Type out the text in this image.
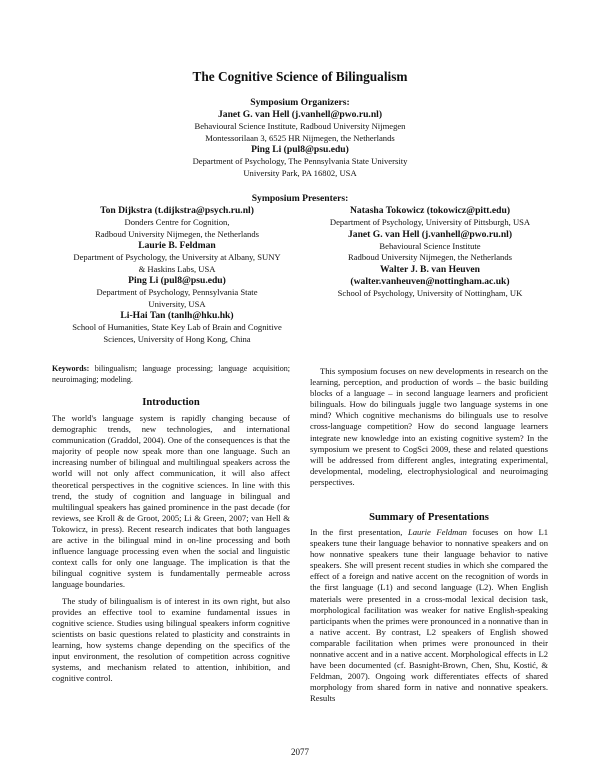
The Cognitive Science of Bilingualism
Symposium Organizers:
Janet G. van Hell (j.vanhell@pwo.ru.nl)
Behavioural Science Institute, Radboud University Nijmegen
Montessorilaan 3, 6525 HR Nijmegen, the Netherlands
Ping Li (pul8@psu.edu)
Department of Psychology, The Pennsylvania State University
University Park, PA 16802, USA
Symposium Presenters:
Ton Dijkstra (t.dijkstra@psych.ru.nl)
Donders Centre for Cognition,
Radboud University Nijmegen, the Netherlands
Laurie B. Feldman
Department of Psychology, the University at Albany, SUNY
& Haskins Labs, USA
Ping Li (pul8@psu.edu)
Department of Psychology, Pennsylvania State
University, USA
Li-Hai Tan (tanlh@hku.hk)
School of Humanities, State Key Lab of Brain and Cognitive
Sciences, University of Hong Kong, China
Natasha Tokowicz (tokowicz@pitt.edu)
Department of Psychology, University of Pittsburgh, USA
Janet G. van Hell (j.vanhell@pwo.ru.nl)
Behavioural Science Institute
Radboud University Nijmegen, the Netherlands
Walter J. B. van Heuven
(walter.vanheuven@nottingham.ac.uk)
School of Psychology, University of Nottingham, UK
Keywords: bilingualism; language processing; language acquisition; neuroimaging; modeling.
Introduction

The world's language system is rapidly changing because of demographic trends, new technologies, and international communication (Graddol, 2004). One of the consequences is that the majority of people now speak more than one language. Such an increasing number of bilingual and multilingual speakers across the world will not only affect communication, it will also affect theoretical perspectives in the cognitive sciences. In line with this trend, the study of cognition and language in bilingual and multilingual speakers has gained prominence in the past decade (for reviews, see Kroll & de Groot, 2005; Li & Green, 2007; van Hell & Tokowicz, in press). Recent research indicates that both languages are active in the bilingual mind in on-line processing and both influence language processing even when the social and linguistic context calls for only one language. The implication is that the bilingual cognitive system is fundamentally permeable across language boundaries.

The study of bilingualism is of interest in its own right, but also provides an effective tool to examine fundamental issues in cognitive science. Studies using bilingual speakers inform cognitive scientists on basic questions related to plasticity and constraints in learning, how systems change depending on the specifics of the input environment, the resolution of competition across cognitive systems, and mechanism related to attention, inhibition, and cognitive control.

This symposium focuses on new developments in research on the learning, perception, and production of words – the basic building blocks of a language – in second language learners and proficient bilinguals. How do bilinguals juggle two language systems in one mind? Which cognitive mechanisms do bilinguals use to resolve cross-language competition? How do second language learners integrate new knowledge into an existing cognitive system? In the symposium we present to CogSci 2009, these and related questions will be addressed from different angles, integrating experimental, developmental, modeling, electrophysiological and neuroimaging perspectives.

Summary of Presentations

In the first presentation, Laurie Feldman focuses on how L1 speakers tune their language behavior to nonnative speakers and on how nonnative speakers tune their language behavior to native speakers. She will present recent studies in which she compared the effect of a foreign and native accent on the recognition of words in the first language (L1) and second language (L2). When English materials were presented in a cross-modal lexical decision task, morphological facilitation was weaker for native English-speaking participants when the primes were pronounced in a nonnative than in a native accent. By contrast, L2 speakers of English showed comparable facilitation when primes were pronounced in their nonnative accent and in a native accent. Morphological effects in L2 have been documented (cf. Basnight-Brown, Chen, Shu, Kostić, & Feldman, 2007). Ongoing work differentiates effects of shared morphology from shared form in native and nonnative speakers. Results

2077
